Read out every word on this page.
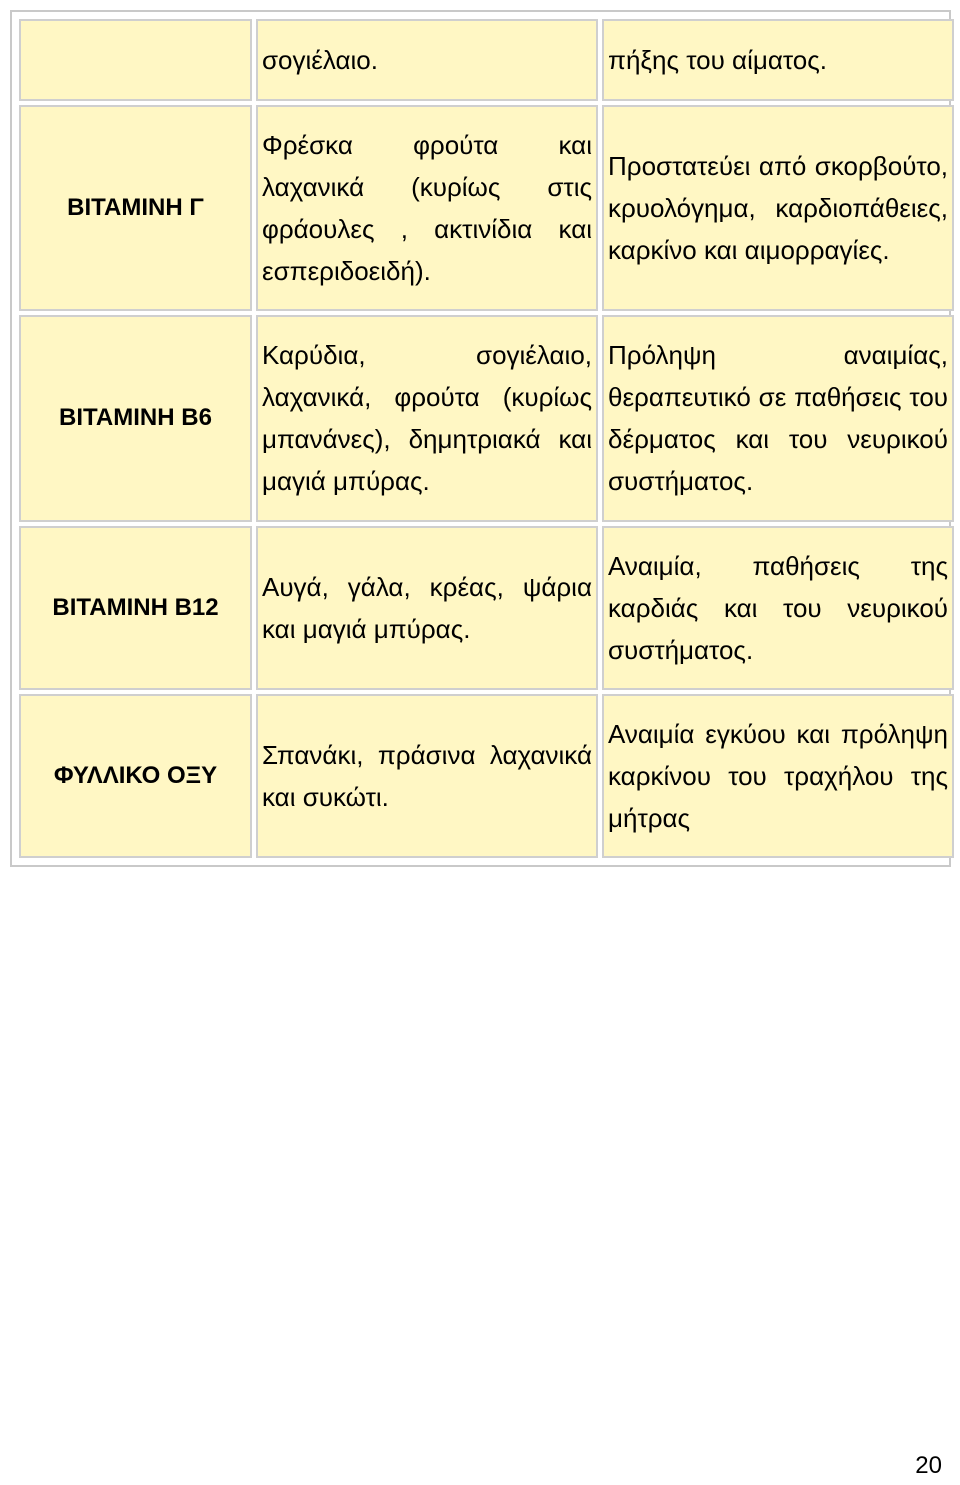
	σογιέλαιο.	πήξης του αίματος.
ΒΙΤΑΜΙΝΗ Γ	Φρέσκα φρούτα και λαχανικά (κυρίως στις φράουλες , ακτινίδια και εσπεριδοειδή).	Προστατεύει από σκορβούτο, κρυολόγημα, καρδιοπάθειες, καρκίνο και αιμορραγίες.
ΒΙΤΑΜΙΝΗ Β6	Καρύδια, σογιέλαιο, λαχανικά, φρούτα (κυρίως μπανάνες), δημητριακά και μαγιά μπύρας.	Πρόληψη αναιμίας, θεραπευτικό σε παθήσεις του δέρματος και του νευρικού συστήματος.
ΒΙΤΑΜΙΝΗ Β12	Αυγά, γάλα, κρέας, ψάρια και μαγιά μπύρας.	Αναιμία, παθήσεις της καρδιάς και του νευρικού συστήματος.
ΦΥΛΛΙΚΟ ΟΞΥ	Σπανάκι, πράσινα λαχανικά και συκώτι.	Αναιμία εγκύου και πρόληψη καρκίνου του τραχήλου της μήτρας
20
